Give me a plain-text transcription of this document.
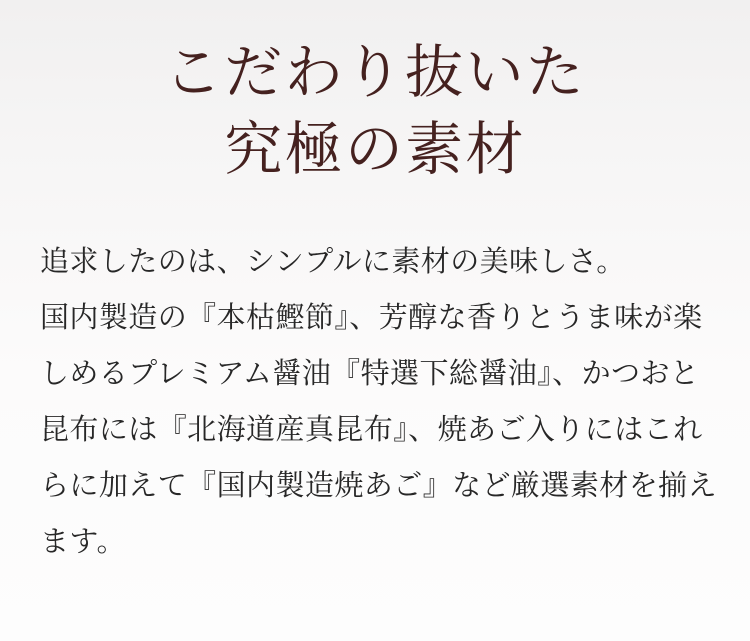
こだわり抜いた
究極の素材
追求したのは、シンプルに素材の美味しさ。
国内製造の『本枯鰹節』、芳醇な香りとうま味が楽
しめるプレミアム醤油『特選下総醤油』、かつおと
昆布には『北海道産真昆布』、焼あご入りにはこれ
らに加えて『国内製造焼あご』など厳選素材を揃え
ます。
